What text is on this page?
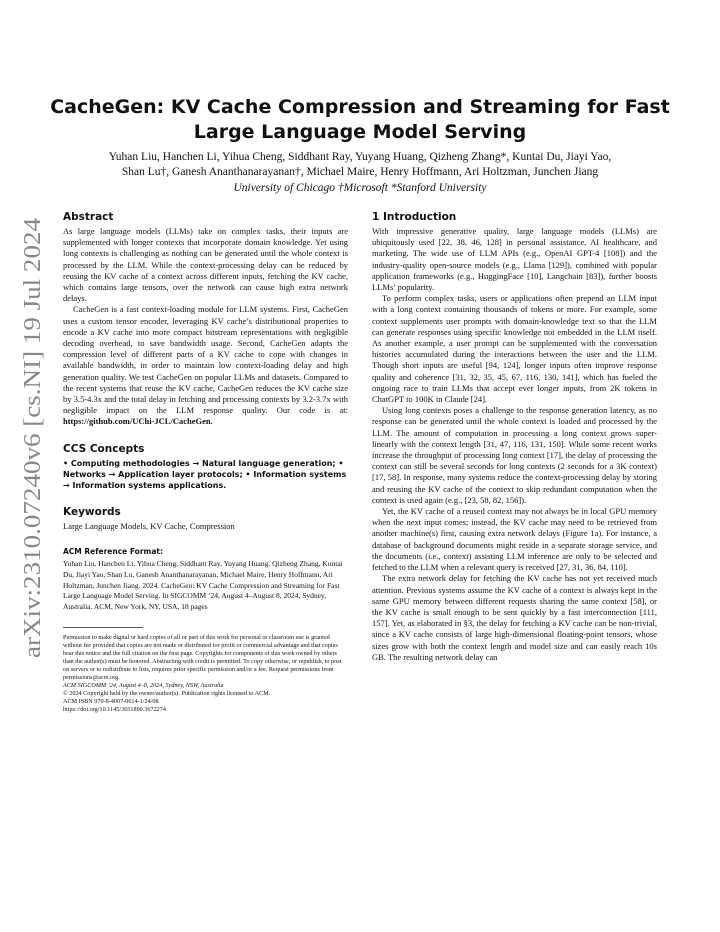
arXiv:2310.07240v6 [cs.NI] 19 Jul 2024
CacheGen: KV Cache Compression and Streaming for Fast Large Language Model Serving
Yuhan Liu, Hanchen Li, Yihua Cheng, Siddhant Ray, Yuyang Huang, Qizheng Zhang*, Kuntai Du, Jiayi Yao,
Shan Lu†, Ganesh Ananthanarayanan†, Michael Maire, Henry Hoffmann, Ari Holtzman, Junchen Jiang
University of Chicago †Microsoft *Stanford University
Abstract

As large language models (LLMs) take on complex tasks, their inputs are supplemented with longer contexts that incorporate domain knowledge. Yet using long contexts is challenging as nothing can be generated until the whole context is processed by the LLM. While the context-processing delay can be reduced by reusing the KV cache of a context across different inputs, fetching the KV cache, which contains large tensors, over the network can cause high extra network delays.

CacheGen is a fast context-loading module for LLM systems. First, CacheGen uses a custom tensor encoder, leveraging KV cache’s distributional properties to encode a KV cache into more compact bitstream representations with negligible decoding overhead, to save bandwidth usage. Second, CacheGen adapts the compression level of different parts of a KV cache to cope with changes in available bandwidth, in order to maintain low context-loading delay and high generation quality. We test CacheGen on popular LLMs and datasets. Compared to the recent systems that reuse the KV cache, CacheGen reduces the KV cache size by 3.5-4.3x and the total delay in fetching and processing contexts by 3.2-3.7x with negligible impact on the LLM response quality. Our code is at: https://github.com/UChi-JCL/CacheGen.

CCS Concepts
• Computing methodologies → Natural language generation; • Networks → Application layer protocols; • Information systems → Information systems applications.
Keywords
Large Language Models, KV Cache, Compression
ACM Reference Format:
Yuhan Liu, Hanchen Li, Yihua Cheng, Siddhant Ray, Yuyang Huang, Qizheng Zhang, Kuntai Du, Jiayi Yao, Shan Lu, Ganesh Ananthanarayanan, Michael Maire, Henry Hoffmann, Ari Holtzman, Junchen Jiang. 2024. CacheGen: KV Cache Compression and Streaming for Fast Large Language Model Serving. In SIGCOMM ’24, August 4–August 8, 2024, Sydney, Australia. ACM, New York, NY, USA, 18 pages
Permission to make digital or hard copies of all or part of this work for personal or classroom use is granted without fee provided that copies are not made or distributed for profit or commercial advantage and that copies bear this notice and the full citation on the first page. Copyrights for components of this work owned by others than the author(s) must be honored. Abstracting with credit is permitted. To copy otherwise, or republish, to post on servers or to redistribute to lists, requires prior specific permission and/or a fee. Request permissions from permissions@acm.org.
ACM SIGCOMM ’24, August 4–8, 2024, Sydney, NSW, Australia
© 2024 Copyright held by the owner/author(s). Publication rights licensed to ACM.
ACM ISBN 979-8-4007-0614-1/24/08
https://doi.org/10.1145/3651890.3672274
1 Introduction

With impressive generative quality, large language models (LLMs) are ubiquitously used [22, 38, 46, 128] in personal assistance, AI healthcare, and marketing. The wide use of LLM APIs (e.g., OpenAI GPT-4 [108]) and the industry-quality open-source models (e.g., Llama [129]), combined with popular application frameworks (e.g., HuggingFace [10], Langchain [83]), further boosts LLMs’ popularity.

To perform complex tasks, users or applications often prepend an LLM input with a long context containing thousands of tokens or more. For example, some context supplements user prompts with domain-knowledge text so that the LLM can generate responses using specific knowledge not embedded in the LLM itself. As another example, a user prompt can be supplemented with the conversation histories accumulated during the interactions between the user and the LLM. Though short inputs are useful [94, 124], longer inputs often improve response quality and coherence [31, 32, 35, 45, 67, 116, 130, 141], which has fueled the ongoing race to train LLMs that accept ever longer inputs, from 2K tokens in ChatGPT to 100K in Claude [24].

Using long contexts poses a challenge to the response generation latency, as no response can be generated until the whole context is loaded and processed by the LLM. The amount of computation in processing a long context grows super-linearly with the context length [31, 47, 116, 131, 150]. While some recent works increase the throughput of processing long context [17], the delay of processing the context can still be several seconds for long contexts (2 seconds for a 3K context) [17, 58]. In response, many systems reduce the context-processing delay by storing and reusing the KV cache of the context to skip redundant computation when the context is used again (e.g., [23, 58, 82, 156]).

Yet, the KV cache of a reused context may not always be in local GPU memory when the next input comes; instead, the KV cache may need to be retrieved from another machine(s) first, causing extra network delays (Figure 1a). For instance, a database of background documents might reside in a separate storage service, and the documents (i.e., context) assisting LLM inference are only to be selected and fetched to the LLM when a relevant query is received [27, 31, 36, 84, 110].

The extra network delay for fetching the KV cache has not yet received much attention. Previous systems assume the KV cache of a context is always kept in the same GPU memory between different requests sharing the same context [58], or the KV cache is small enough to be sent quickly by a fast interconnection [111, 157]. Yet, as elaborated in §3, the delay for fetching a KV cache can be non-trivial, since a KV cache consists of large high-dimensional floating-point tensors, whose sizes grow with both the context length and model size and can easily reach 10s GB. The resulting network delay can
